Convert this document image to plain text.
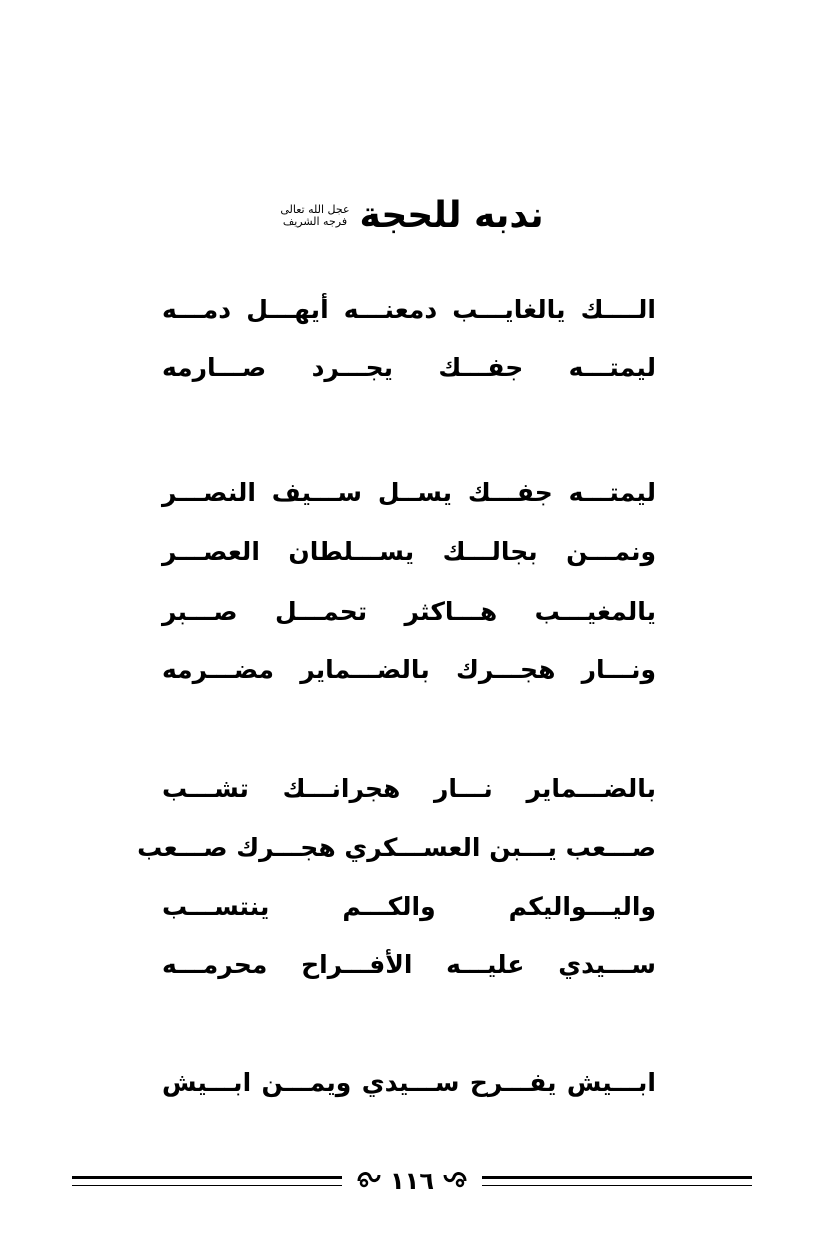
ندبه للحجة
عجل الله تعالى
فرجه الشريف
الــــك يالغايـــب دمعنـــه أيهـــل دمـــه
ليمتـــه جفـــك يجـــرد صـــارمه
ليمتـــه جفـــك يســل ســـيف النصـــر
ونمـــن بجالـــك يســـلطان العصـــر
يالمغيـــب هـــاكثر تحمـــل صـــبر
ونـــار هجـــرك بالضـــماير مضـــرمه
بالضـــماير نـــار هجرانـــك تشـــب
صـــعب يـــبن العســـكري هجـــرك صـــعب
واليـــواليكم والكـــم ينتســـب
ســـيدي عليـــه الأفـــراح محرمـــه
ابـــيش يفـــرح ســـيدي ويمـــن ابـــيش
١١٦
